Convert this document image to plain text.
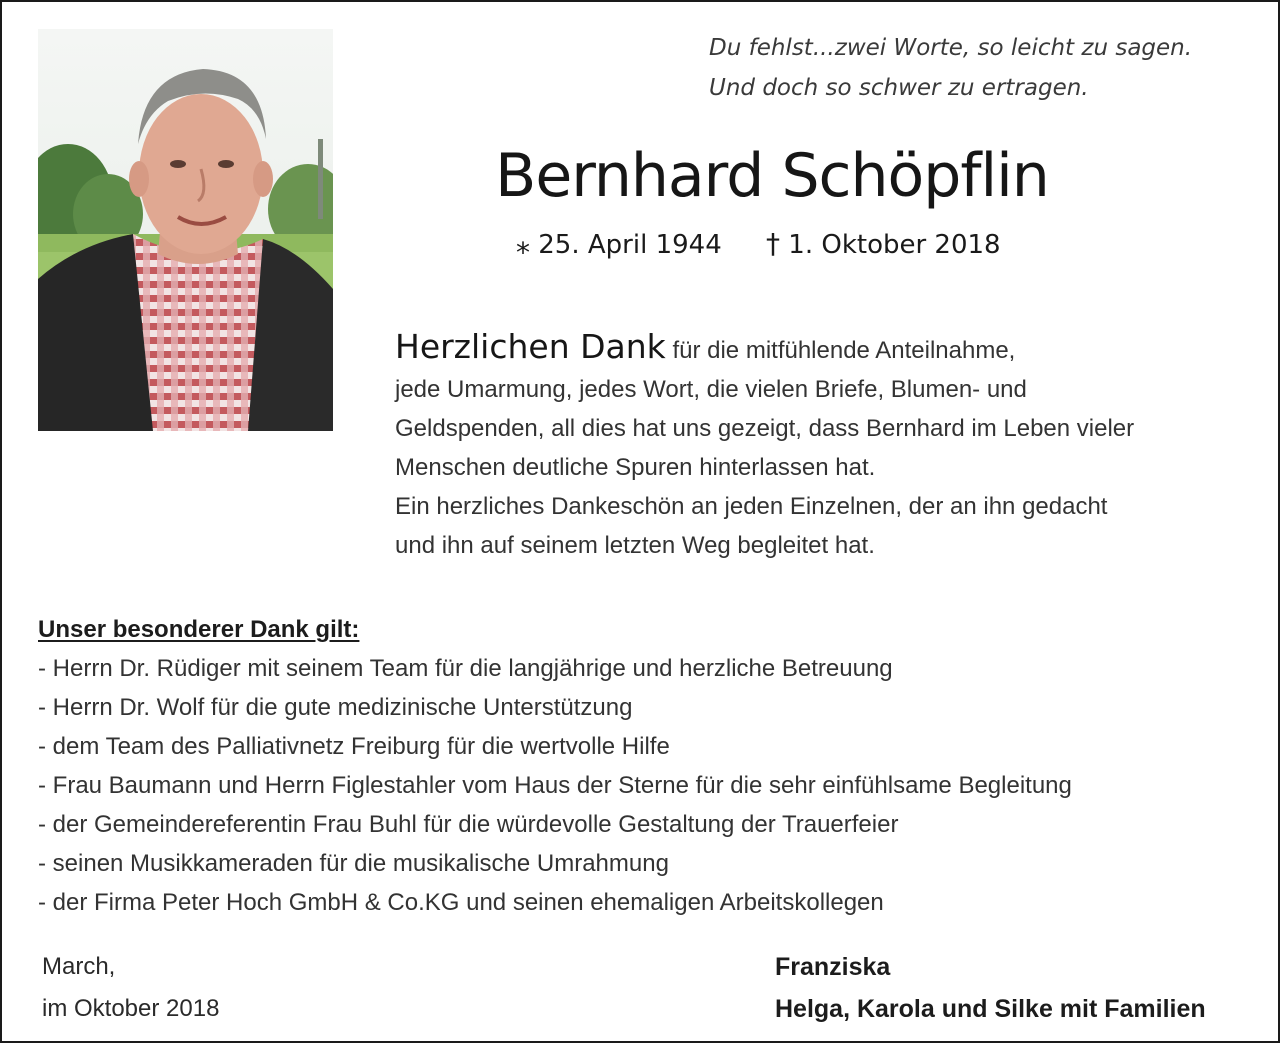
Du fehlst...zwei Worte, so leicht zu sagen.
Und doch so schwer zu ertragen.
Bernhard Schöpflin
⁎ 25. April 1944 † 1. Oktober 2018
Herzlichen Dank für die mitfühlende Anteilnahme,
jede Umarmung, jedes Wort, die vielen Briefe, Blumen- und
Geldspenden, all dies hat uns gezeigt, dass Bernhard im Leben vieler
Menschen deutliche Spuren hinterlassen hat.
Ein herzliches Dankeschön an jeden Einzelnen, der an ihn gedacht
und ihn auf seinem letzten Weg begleitet hat.
Unser besonderer Dank gilt:
- Herrn Dr. Rüdiger mit seinem Team für die langjährige und herzliche Betreuung
- Herrn Dr. Wolf für die gute medizinische Unterstützung
- dem Team des Palliativnetz Freiburg für die wertvolle Hilfe
- Frau Baumann und Herrn Figlestahler vom Haus der Sterne für die sehr einfühlsame Begleitung
- der Gemeindereferentin Frau Buhl für die würdevolle Gestaltung der Trauerfeier
- seinen Musikkameraden für die musikalische Umrahmung
- der Firma Peter Hoch GmbH & Co.KG und seinen ehemaligen Arbeitskollegen
March,
im Oktober 2018
Franziska
Helga, Karola und Silke mit Familien
